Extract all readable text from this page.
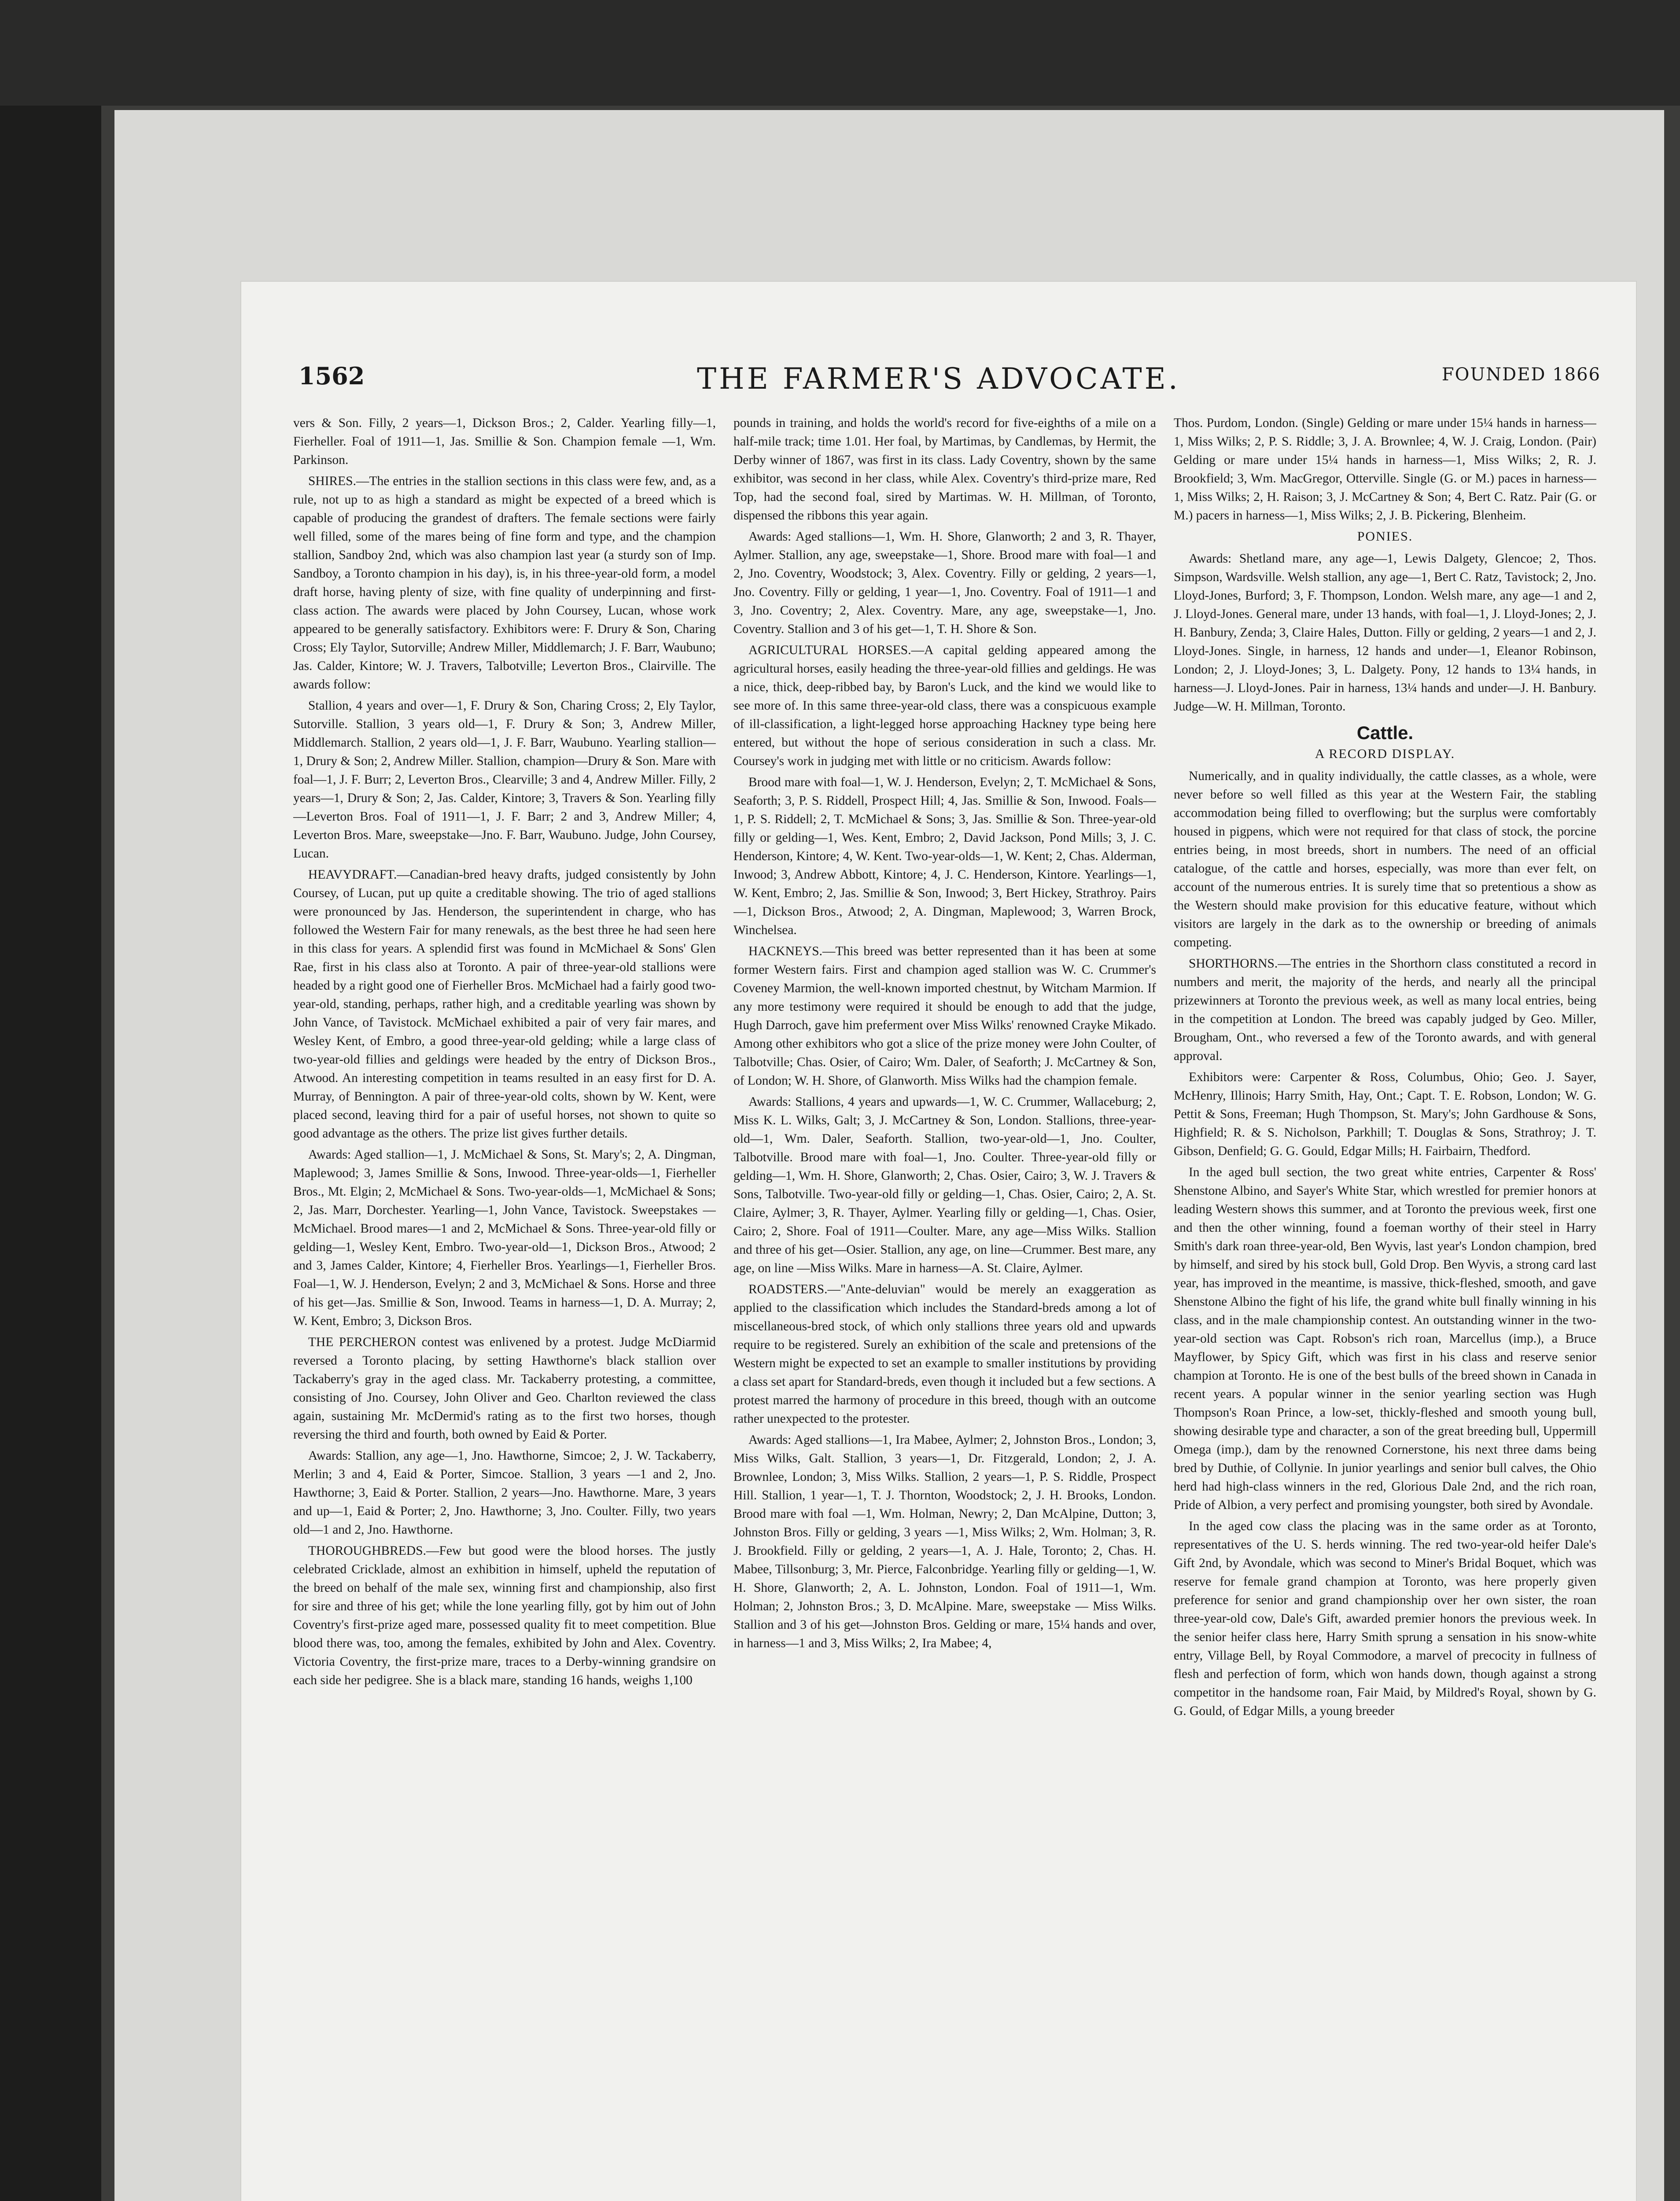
1562	THE FARMER'S ADVOCATE.	FOUNDED 1866

vers & Son. Filly, 2 years—1, Dickson Bros.; 2, Calder. Yearling filly—1, Fierheller. Foal of 1911—1, Jas. Smillie & Son. Champion female —1, Wm. Parkinson.

SHIRES.—The entries in the stallion sections in this class were few, and, as a rule, not up to as high a standard as might be expected of a breed which is capable of producing the grandest of drafters. The female sections were fairly well filled, some of the mares being of fine form and type, and the champion stallion, Sandboy 2nd, which was also champion last year (a sturdy son of Imp. Sandboy, a Toronto champion in his day), is, in his three-year-old form, a model draft horse, having plenty of size, with fine quality of underpinning and first-class action. The awards were placed by John Coursey, Lucan, whose work appeared to be generally satisfactory. Exhibitors were: F. Drury & Son, Charing Cross; Ely Taylor, Sutorville; Andrew Miller, Middlemarch; J. F. Barr, Waubuno; Jas. Calder, Kintore; W. J. Travers, Talbotville; Leverton Bros., Clairville. The awards follow:

Stallion, 4 years and over—1, F. Drury & Son, Charing Cross; 2, Ely Taylor, Sutorville. Stallion, 3 years old—1, F. Drury & Son; 3, Andrew Miller, Middlemarch. Stallion, 2 years old—1, J. F. Barr, Waubuno. Yearling stallion—1, Drury & Son; 2, Andrew Miller. Stallion, champion—Drury & Son. Mare with foal—1, J. F. Burr; 2, Leverton Bros., Clearville; 3 and 4, Andrew Miller. Filly, 2 years—1, Drury & Son; 2, Jas. Calder, Kintore; 3, Travers & Son. Yearling filly—Leverton Bros. Foal of 1911—1, J. F. Barr; 2 and 3, Andrew Miller; 4, Leverton Bros. Mare, sweepstake—Jno. F. Barr, Waubuno. Judge, John Coursey, Lucan.

HEAVYDRAFT.—Canadian-bred heavy drafts, judged consistently by John Coursey, of Lucan, put up quite a creditable showing. The trio of aged stallions were pronounced by Jas. Henderson, the superintendent in charge, who has followed the Western Fair for many renewals, as the best three he had seen here in this class for years. A splendid first was found in McMichael & Sons' Glen Rae, first in his class also at Toronto. A pair of three-year-old stallions were headed by a right good one of Fierheller Bros. McMichael had a fairly good two-year-old, standing, perhaps, rather high, and a creditable yearling was shown by John Vance, of Tavistock. McMichael exhibited a pair of very fair mares, and Wesley Kent, of Embro, a good three-year-old gelding; while a large class of two-year-old fillies and geldings were headed by the entry of Dickson Bros., Atwood. An interesting competition in teams resulted in an easy first for D. A. Murray, of Bennington. A pair of three-year-old colts, shown by W. Kent, were placed second, leaving third for a pair of useful horses, not shown to quite so good advantage as the others. The prize list gives further details.

Awards: Aged stallion—1, J. McMichael & Sons, St. Mary's; 2, A. Dingman, Maplewood; 3, James Smillie & Sons, Inwood. Three-year-olds—1, Fierheller Bros., Mt. Elgin; 2, McMichael & Sons. Two-year-olds—1, McMichael & Sons; 2, Jas. Marr, Dorchester. Yearling—1, John Vance, Tavistock. Sweepstakes — McMichael. Brood mares—1 and 2, McMichael & Sons. Three-year-old filly or gelding—1, Wesley Kent, Embro. Two-year-old—1, Dickson Bros., Atwood; 2 and 3, James Calder, Kintore; 4, Fierheller Bros. Yearlings—1, Fierheller Bros. Foal—1, W. J. Henderson, Evelyn; 2 and 3, McMichael & Sons. Horse and three of his get—Jas. Smillie & Son, Inwood. Teams in harness—1, D. A. Murray; 2, W. Kent, Embro; 3, Dickson Bros.

THE PERCHERON contest was enlivened by a protest. Judge McDiarmid reversed a Toronto placing, by setting Hawthorne's black stallion over Tackaberry's gray in the aged class. Mr. Tackaberry protesting, a committee, consisting of Jno. Coursey, John Oliver and Geo. Charlton reviewed the class again, sustaining Mr. McDermid's rating as to the first two horses, though reversing the third and fourth, both owned by Eaid & Porter.

Awards: Stallion, any age—1, Jno. Hawthorne, Simcoe; 2, J. W. Tackaberry, Merlin; 3 and 4, Eaid & Porter, Simcoe. Stallion, 3 years —1 and 2, Jno. Hawthorne; 3, Eaid & Porter. Stallion, 2 years—Jno. Hawthorne. Mare, 3 years and up—1, Eaid & Porter; 2, Jno. Hawthorne; 3, Jno. Coulter. Filly, two years old—1 and 2, Jno. Hawthorne.

THOROUGHBREDS.—Few but good were the blood horses. The justly celebrated Cricklade, almost an exhibition in himself, upheld the reputation of the breed on behalf of the male sex, winning first and championship, also first for sire and three of his get; while the lone yearling filly, got by him out of John Coventry's first-prize aged mare, possessed quality fit to meet competition. Blue blood there was, too, among the females, exhibited by John and Alex. Coventry. Victoria Coventry, the first-prize mare, traces to a Derby-winning grandsire on each side her pedigree. She is a black mare, standing 16 hands, weighs 1,100

pounds in training, and holds the world's record for five-eighths of a mile on a half-mile track; time 1.01. Her foal, by Martimas, by Candlemas, by Hermit, the Derby winner of 1867, was first in its class. Lady Coventry, shown by the same exhibitor, was second in her class, while Alex. Coventry's third-prize mare, Red Top, had the second foal, sired by Martimas. W. H. Millman, of Toronto, dispensed the ribbons this year again.

Awards: Aged stallions—1, Wm. H. Shore, Glanworth; 2 and 3, R. Thayer, Aylmer. Stallion, any age, sweepstake—1, Shore. Brood mare with foal—1 and 2, Jno. Coventry, Woodstock; 3, Alex. Coventry. Filly or gelding, 2 years—1, Jno. Coventry. Filly or gelding, 1 year—1, Jno. Coventry. Foal of 1911—1 and 3, Jno. Coventry; 2, Alex. Coventry. Mare, any age, sweepstake—1, Jno. Coventry. Stallion and 3 of his get—1, T. H. Shore & Son.

AGRICULTURAL HORSES.—A capital gelding appeared among the agricultural horses, easily heading the three-year-old fillies and geldings. He was a nice, thick, deep-ribbed bay, by Baron's Luck, and the kind we would like to see more of. In this same three-year-old class, there was a conspicuous example of ill-classification, a light-legged horse approaching Hackney type being here entered, but without the hope of serious consideration in such a class. Mr. Coursey's work in judging met with little or no criticism. Awards follow:

Brood mare with foal—1, W. J. Henderson, Evelyn; 2, T. McMichael & Sons, Seaforth; 3, P. S. Riddell, Prospect Hill; 4, Jas. Smillie & Son, Inwood. Foals—1, P. S. Riddell; 2, T. McMichael & Sons; 3, Jas. Smillie & Son. Three-year-old filly or gelding—1, Wes. Kent, Embro; 2, David Jackson, Pond Mills; 3, J. C. Henderson, Kintore; 4, W. Kent. Two-year-olds—1, W. Kent; 2, Chas. Alderman, Inwood; 3, Andrew Abbott, Kintore; 4, J. C. Henderson, Kintore. Yearlings—1, W. Kent, Embro; 2, Jas. Smillie & Son, Inwood; 3, Bert Hickey, Strathroy. Pairs —1, Dickson Bros., Atwood; 2, A. Dingman, Maplewood; 3, Warren Brock, Winchelsea.

HACKNEYS.—This breed was better represented than it has been at some former Western fairs. First and champion aged stallion was W. C. Crummer's Coveney Marmion, the well-known imported chestnut, by Witcham Marmion. If any more testimony were required it should be enough to add that the judge, Hugh Darroch, gave him preferment over Miss Wilks' renowned Crayke Mikado. Among other exhibitors who got a slice of the prize money were John Coulter, of Talbotville; Chas. Osier, of Cairo; Wm. Daler, of Seaforth; J. McCartney & Son, of London; W. H. Shore, of Glanworth. Miss Wilks had the champion female.

Awards: Stallions, 4 years and upwards—1, W. C. Crummer, Wallaceburg; 2, Miss K. L. Wilks, Galt; 3, J. McCartney & Son, London. Stallions, three-year-old—1, Wm. Daler, Seaforth. Stallion, two-year-old—1, Jno. Coulter, Talbotville. Brood mare with foal—1, Jno. Coulter. Three-year-old filly or gelding—1, Wm. H. Shore, Glanworth; 2, Chas. Osier, Cairo; 3, W. J. Travers & Sons, Talbotville. Two-year-old filly or gelding—1, Chas. Osier, Cairo; 2, A. St. Claire, Aylmer; 3, R. Thayer, Aylmer. Yearling filly or gelding—1, Chas. Osier, Cairo; 2, Shore. Foal of 1911—Coulter. Mare, any age—Miss Wilks. Stallion and three of his get—Osier. Stallion, any age, on line—Crummer. Best mare, any age, on line —Miss Wilks. Mare in harness—A. St. Claire, Aylmer.

ROADSTERS.—"Ante-deluvian" would be merely an exaggeration as applied to the classification which includes the Standard-breds among a lot of miscellaneous-bred stock, of which only stallions three years old and upwards require to be registered. Surely an exhibition of the scale and pretensions of the Western might be expected to set an example to smaller institutions by providing a class set apart for Standard-breds, even though it included but a few sections. A protest marred the harmony of procedure in this breed, though with an outcome rather unexpected to the protester.

Awards: Aged stallions—1, Ira Mabee, Aylmer; 2, Johnston Bros., London; 3, Miss Wilks, Galt. Stallion, 3 years—1, Dr. Fitzgerald, London; 2, J. A. Brownlee, London; 3, Miss Wilks. Stallion, 2 years—1, P. S. Riddle, Prospect Hill. Stallion, 1 year—1, T. J. Thornton, Woodstock; 2, J. H. Brooks, London. Brood mare with foal —1, Wm. Holman, Newry; 2, Dan McAlpine, Dutton; 3, Johnston Bros. Filly or gelding, 3 years —1, Miss Wilks; 2, Wm. Holman; 3, R. J. Brookfield. Filly or gelding, 2 years—1, A. J. Hale, Toronto; 2, Chas. H. Mabee, Tillsonburg; 3, Mr. Pierce, Falconbridge. Yearling filly or gelding—1, W. H. Shore, Glanworth; 2, A. L. Johnston, London. Foal of 1911—1, Wm. Holman; 2, Johnston Bros.; 3, D. McAlpine. Mare, sweepstake — Miss Wilks. Stallion and 3 of his get—Johnston Bros. Gelding or mare, 15¼ hands and over, in harness—1 and 3, Miss Wilks; 2, Ira Mabee; 4,

Thos. Purdom, London. (Single) Gelding or mare under 15¼ hands in harness—1, Miss Wilks; 2, P. S. Riddle; 3, J. A. Brownlee; 4, W. J. Craig, London. (Pair) Gelding or mare under 15¼ hands in harness—1, Miss Wilks; 2, R. J. Brookfield; 3, Wm. MacGregor, Otterville. Single (G. or M.) paces in harness—1, Miss Wilks; 2, H. Raison; 3, J. McCartney & Son; 4, Bert C. Ratz. Pair (G. or M.) pacers in harness—1, Miss Wilks; 2, J. B. Pickering, Blenheim.

PONIES.

Awards: Shetland mare, any age—1, Lewis Dalgety, Glencoe; 2, Thos. Simpson, Wardsville. Welsh stallion, any age—1, Bert C. Ratz, Tavistock; 2, Jno. Lloyd-Jones, Burford; 3, F. Thompson, London. Welsh mare, any age—1 and 2, J. Lloyd-Jones. General mare, under 13 hands, with foal—1, J. Lloyd-Jones; 2, J. H. Banbury, Zenda; 3, Claire Hales, Dutton. Filly or gelding, 2 years—1 and 2, J. Lloyd-Jones. Single, in harness, 12 hands and under—1, Eleanor Robinson, London; 2, J. Lloyd-Jones; 3, L. Dalgety. Pony, 12 hands to 13¼ hands, in harness—J. Lloyd-Jones. Pair in harness, 13¼ hands and under—J. H. Banbury. Judge—W. H. Millman, Toronto.

Cattle.
A RECORD DISPLAY.

Numerically, and in quality individually, the cattle classes, as a whole, were never before so well filled as this year at the Western Fair, the stabling accommodation being filled to overflowing; but the surplus were comfortably housed in pigpens, which were not required for that class of stock, the porcine entries being, in most breeds, short in numbers. The need of an official catalogue, of the cattle and horses, especially, was more than ever felt, on account of the numerous entries. It is surely time that so pretentious a show as the Western should make provision for this educative feature, without which visitors are largely in the dark as to the ownership or breeding of animals competing.

SHORTHORNS.—The entries in the Shorthorn class constituted a record in numbers and merit, the majority of the herds, and nearly all the principal prizewinners at Toronto the previous week, as well as many local entries, being in the competition at London. The breed was capably judged by Geo. Miller, Brougham, Ont., who reversed a few of the Toronto awards, and with general approval.

Exhibitors were: Carpenter & Ross, Columbus, Ohio; Geo. J. Sayer, McHenry, Illinois; Harry Smith, Hay, Ont.; Capt. T. E. Robson, London; W. G. Pettit & Sons, Freeman; Hugh Thompson, St. Mary's; John Gardhouse & Sons, Highfield; R. & S. Nicholson, Parkhill; T. Douglas & Sons, Strathroy; J. T. Gibson, Denfield; G. G. Gould, Edgar Mills; H. Fairbairn, Thedford.

In the aged bull section, the two great white entries, Carpenter & Ross' Shenstone Albino, and Sayer's White Star, which wrestled for premier honors at leading Western shows this summer, and at Toronto the previous week, first one and then the other winning, found a foeman worthy of their steel in Harry Smith's dark roan three-year-old, Ben Wyvis, last year's London champion, bred by himself, and sired by his stock bull, Gold Drop. Ben Wyvis, a strong card last year, has improved in the meantime, is massive, thick-fleshed, smooth, and gave Shenstone Albino the fight of his life, the grand white bull finally winning in his class, and in the male championship contest. An outstanding winner in the two-year-old section was Capt. Robson's rich roan, Marcellus (imp.), a Bruce Mayflower, by Spicy Gift, which was first in his class and reserve senior champion at Toronto. He is one of the best bulls of the breed shown in Canada in recent years. A popular winner in the senior yearling section was Hugh Thompson's Roan Prince, a low-set, thickly-fleshed and smooth young bull, showing desirable type and character, a son of the great breeding bull, Uppermill Omega (imp.), dam by the renowned Cornerstone, his next three dams being bred by Duthie, of Collynie. In junior yearlings and senior bull calves, the Ohio herd had high-class winners in the red, Glorious Dale 2nd, and the rich roan, Pride of Albion, a very perfect and promising youngster, both sired by Avondale.

In the aged cow class the placing was in the same order as at Toronto, representatives of the U. S. herds winning. The red two-year-old heifer Dale's Gift 2nd, by Avondale, which was second to Miner's Bridal Boquet, which was reserve for female grand champion at Toronto, was here properly given preference for senior and grand championship over her own sister, the roan three-year-old cow, Dale's Gift, awarded premier honors the previous week. In the senior heifer class here, Harry Smith sprung a sensation in his snow-white entry, Village Bell, by Royal Commodore, a marvel of precocity in fullness of flesh and perfection of form, which won hands down, though against a strong competitor in the handsome roan, Fair Maid, by Mildred's Royal, shown by G. G. Gould, of Edgar Mills, a young breeder
